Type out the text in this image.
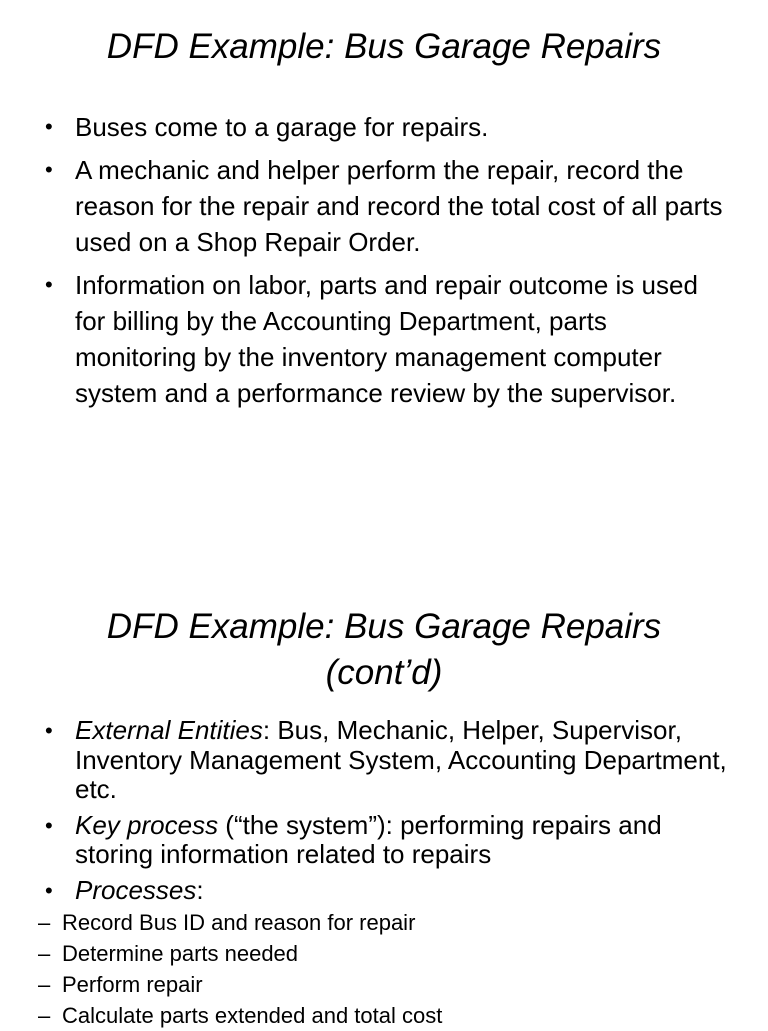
DFD Example: Bus Garage Repairs
• Buses come to a garage for repairs.
• A mechanic and helper perform the repair, record the reason for the repair and record the total cost of all parts used on a Shop Repair Order.
• Information on labor, parts and repair outcome is used for billing by the Accounting Department, parts monitoring by the inventory management computer system and a performance review by the supervisor.
DFD Example: Bus Garage Repairs
(cont’d)
• External Entities: Bus, Mechanic, Helper, Supervisor, Inventory Management System, Accounting Department, etc.
• Key process (“the system”): performing repairs and storing information related to repairs
• Processes:
– Record Bus ID and reason for repair
– Determine parts needed
– Perform repair
– Calculate parts extended and total cost
